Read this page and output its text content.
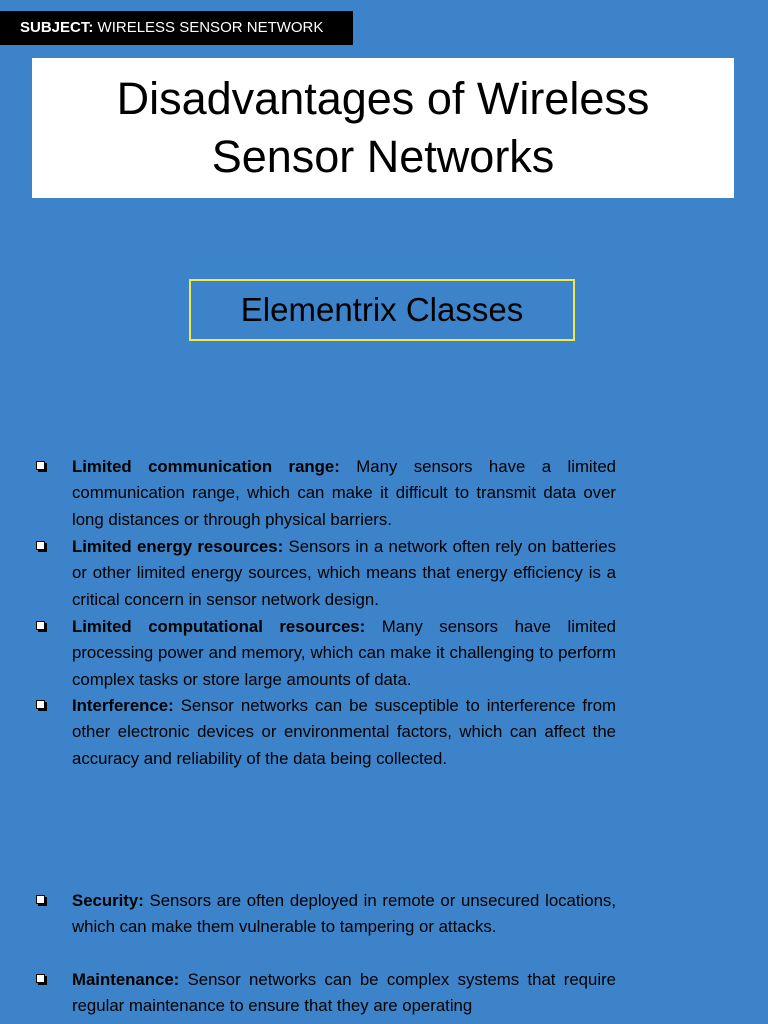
SUBJECT: WIRELESS SENSOR NETWORK
Disadvantages of Wireless Sensor Networks
Elementrix Classes
Limited communication range: Many sensors have a limited communication range, which can make it difficult to transmit data over long distances or through physical barriers.
Limited energy resources: Sensors in a network often rely on batteries or other limited energy sources, which means that energy efficiency is a critical concern in sensor network design.
Limited computational resources: Many sensors have limited processing power and memory, which can make it challenging to perform complex tasks or store large amounts of data.
Interference: Sensor networks can be susceptible to interference from other electronic devices or environmental factors, which can affect the accuracy and reliability of the data being collected.
Security: Sensors are often deployed in remote or unsecured locations, which can make them vulnerable to tampering or attacks.
Maintenance: Sensor networks can be complex systems that require regular maintenance to ensure that they are operating
